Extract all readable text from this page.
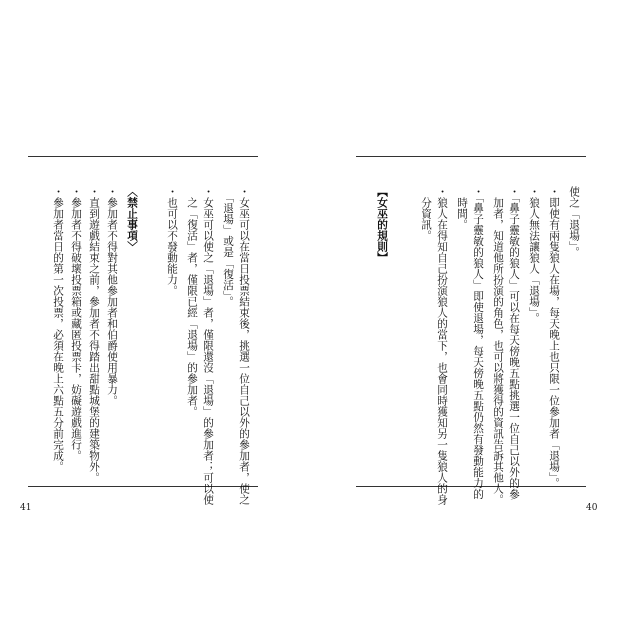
・女巫可以在當日投票結束後，挑選一位自己以外的參加者，使之
　「退場」或是「復活」。
・女巫可以使之「退場」者，僅限還沒「退場」的參加者；可以使
　之「復活」者，僅限已經「退場」的參加者。
・也可以不發動能力。
〈禁止事項〉
・參加者不得對其他參加者和伯爵使用暴力。
・直到遊戲結束之前，參加者不得踏出甜點城堡的建築物外。
・參加者不得破壞投票箱或藏匿投票卡，妨礙遊戲進行。
・參加者當日的第一次投票，必須在晚上六點五分前完成。
41
使之「退場」。
・即使有兩隻狼人在場，每天晚上也只限一位參加者「退場」。
・狼人無法讓狼人「退場」。
・「鼻子靈敏的狼人」可以在每天傍晚五點挑選一位自己以外的參
　加者，知道他所扮演的角色，也可以將獲得的資訊告訴其他人。
・「鼻子靈敏的狼人」即使退場，每天傍晚五點仍然有發動能力的
　時間。
・狼人在得知自己扮演狼人的當下，也會同時獲知另一隻狼人的身
　分資訊。
【女巫的規則】
40
